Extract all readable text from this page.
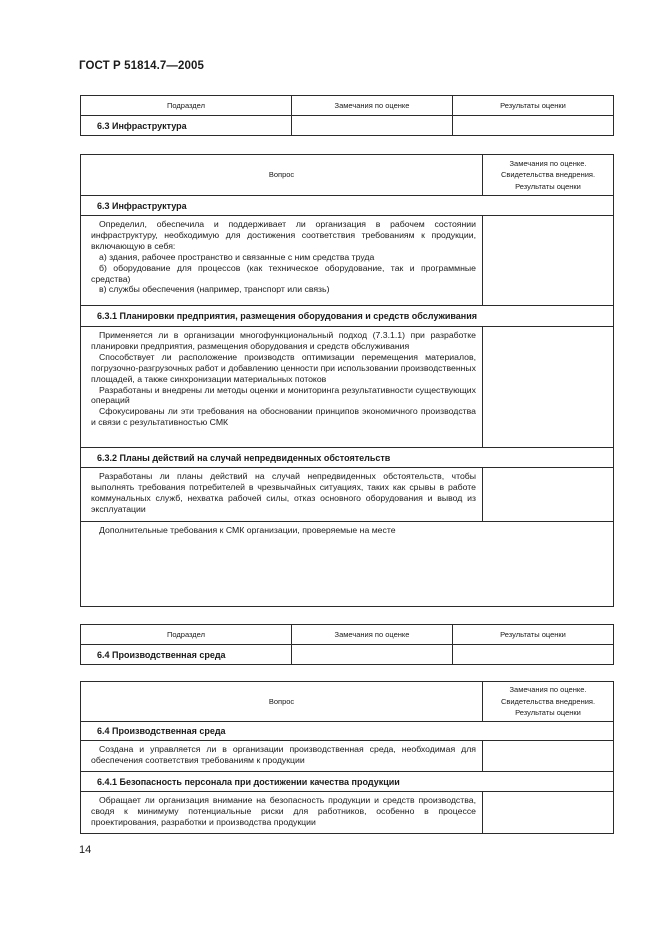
ГОСТ Р 51814.7—2005
Подраздел	Замечания по оценке	Результаты оценки
6.3 Инфраструктура		
Вопрос	Замечания по оценке.
Свидетельства внедрения.
Результаты оценки

6.3 Инфраструктура	

Определил, обеспечила и поддерживает ли организация в рабочем состоянии инфраструктуру, необходимую для достижения соответствия требованиям к продукции, включающую в себя:

а) здания, рабочее пространство и связанные с ним средства труда

б) оборудование для процессов (как техническое оборудование, так и программные средства)

в) службы обеспечения (например, транспорт или связь)	

6.3.1 Планировки предприятия, размещения оборудования и средств обслуживания	

Применяется ли в организации многофункциональный подход (7.3.1.1) при разработке планировки предприятия, размещения оборудования и средств обслуживания

Способствует ли расположение производств оптимизации перемещения материалов, погрузочно-разгрузочных работ и добавлению ценности при использовании производственных площадей, а также синхронизации материальных потоков

Разработаны и внедрены ли методы оценки и мониторинга результативности существующих операций

Сфокусированы ли эти требования на обосновании принципов экономичного производства и связи с результативностью СМК	

6.3.2 Планы действий на случай непредвиденных обстоятельств	

Разработаны ли планы действий на случай непредвиденных обстоятельств, чтобы выполнять требования потребителей в чрезвычайных ситуациях, таких как срывы в работе коммунальных служб, нехватка рабочей силы, отказ основного оборудования и вывод из эксплуатации	

Дополнительные требования к СМК организации, проверяемые на месте	

Подраздел	Замечания по оценке	Результаты оценки
6.4 Производственная среда		
Вопрос	Замечания по оценке.
Свидетельства внедрения.
Результаты оценки

6.4 Производственная среда	

Создана и управляется ли в организации производственная среда, необходимая для обеспечения соответствия требованиям к продукции	

6.4.1 Безопасность персонала при достижении качества продукции	

Обращает ли организация внимание на безопасность продукции и средств производства, сводя к минимуму потенциальные риски для работников, особенно в процессе проектирования, разработки и производства продукции	

14
